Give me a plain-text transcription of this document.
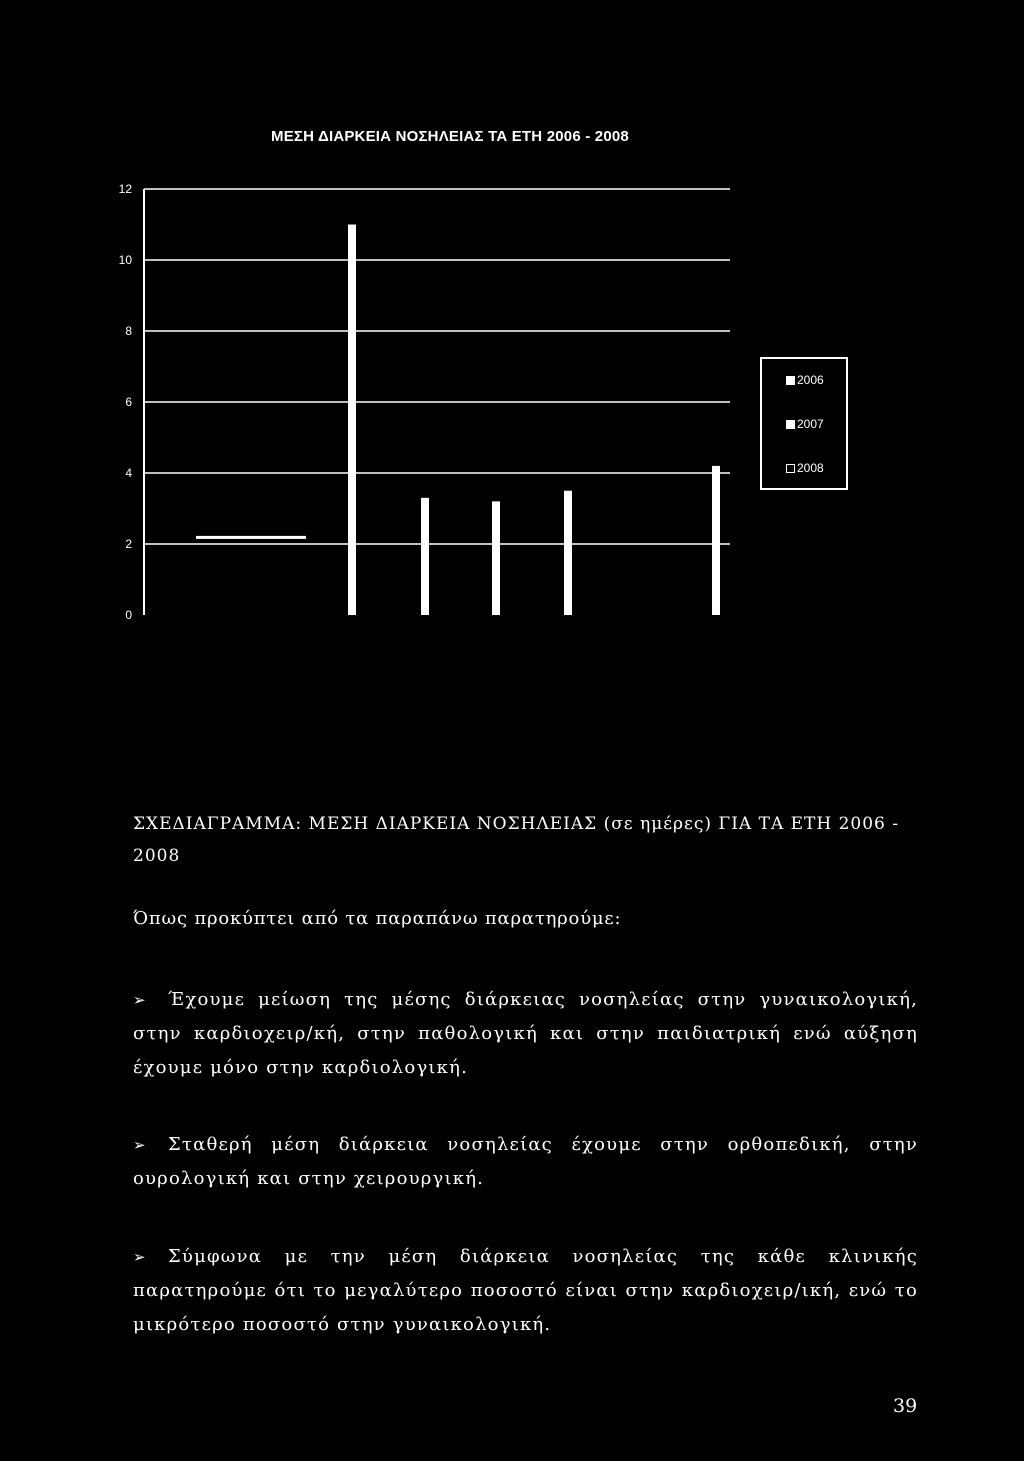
ΜΕΣΗ ΔΙΑΡΚΕΙΑ ΝΟΣΗΛΕΙΑΣ ΤΑ ΕΤΗ 2006 - 2008
0
2
4
6
8
10
12
2006
2007
2008
ΣΧΕΔΙΑΓΡΑΜΜΑ: ΜΕΣΗ ΔΙΑΡΚΕΙΑ ΝΟΣΗΛΕΙΑΣ (σε ημέρες) ΓΙΑ ΤΑ ΕΤΗ 2006 -
2008
Όπως προκύπτει από τα παραπάνω παρατηρούμε:
➢	Έχουμε μείωση της μέσης διάρκειας νοσηλείας στην γυναικολογική, στην καρδιοχειρ/κή, στην παθολογική και στην παιδιατρική ενώ αύξηση έχουμε μόνο στην καρδιολογική.
➢	Σταθερή μέση διάρκεια νοσηλείας έχουμε στην ορθοπεδική, στην ουρολογική και στην χειρουργική.
➢	Σύμφωνα με την μέση διάρκεια νοσηλείας της κάθε κλινικής παρατηρούμε ότι το μεγαλύτερο ποσοστό είναι στην καρδιοχειρ/ική, ενώ το μικρότερο ποσοστό στην γυναικολογική.
39
